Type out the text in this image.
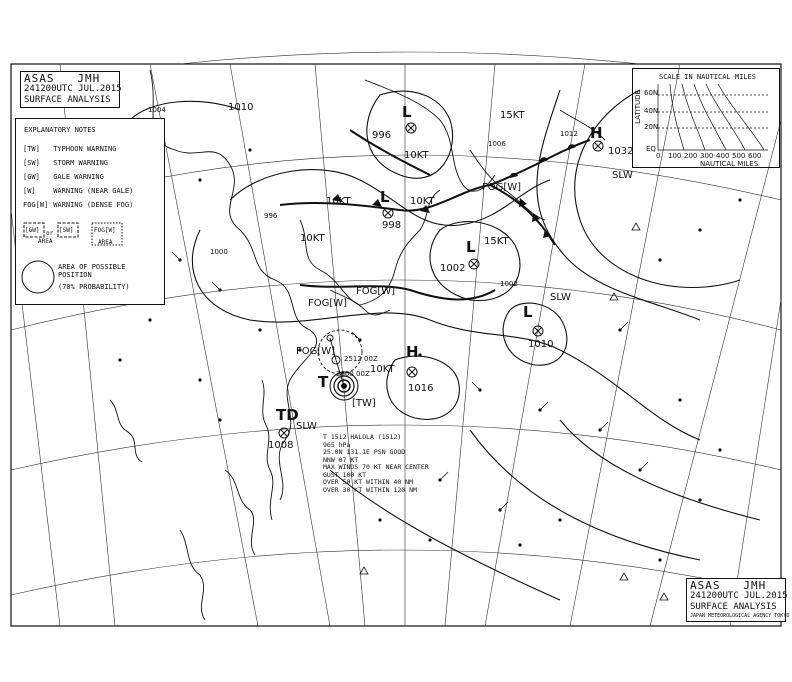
ASAS JMH
241200UTC JUL.2015
SURFACE ANALYSIS
ASAS JMH
241200UTC JUL.2015
SURFACE ANALYSIS
JAPAN METEOROLOGICAL AGENCY TOKYO
EXPLANATORY NOTES
[TW] TYPHOON WARNING
[SW] STORM WARNING
[GW] GALE WARNING
[W]	WARNING (NEAR GALE)
FOG[W] WARNING (DENSE FOG)
[GW] or [SW]
AREA
FOG[W]
AREA
AREA OF POSSIBLE
POSITION
(70% PROBABILITY)
SCALE IN NAUTICAL MILES
LATITUDE 60N
40N
20N
EQ
0 100 200 300 400 500 600
NAUTICAL MILES
L
996
L
998
L
1002
L
1010
H
1016
H
1032
TD
1008
T
[TW]
SLW
SLW
SLW
10KT
10KT
10KT
10KT
10KT
15KT
15KT
FOG[W]
FOG[W]
FOG[W]
FOG[W]
1010
1000
1004
1006
1012
996
1002
2512 00Z
2600 00Z
T 1512 HALOLA (1512)
965 hPa
25.0N 131.1E PSN GOOD
NNW 07 KT
MAX WINDS 70 KT NEAR CENTER
GUST 100 KT
OVER 50 KT WITHIN 40 NM
OVER 30 KT WITHIN 120 NM
